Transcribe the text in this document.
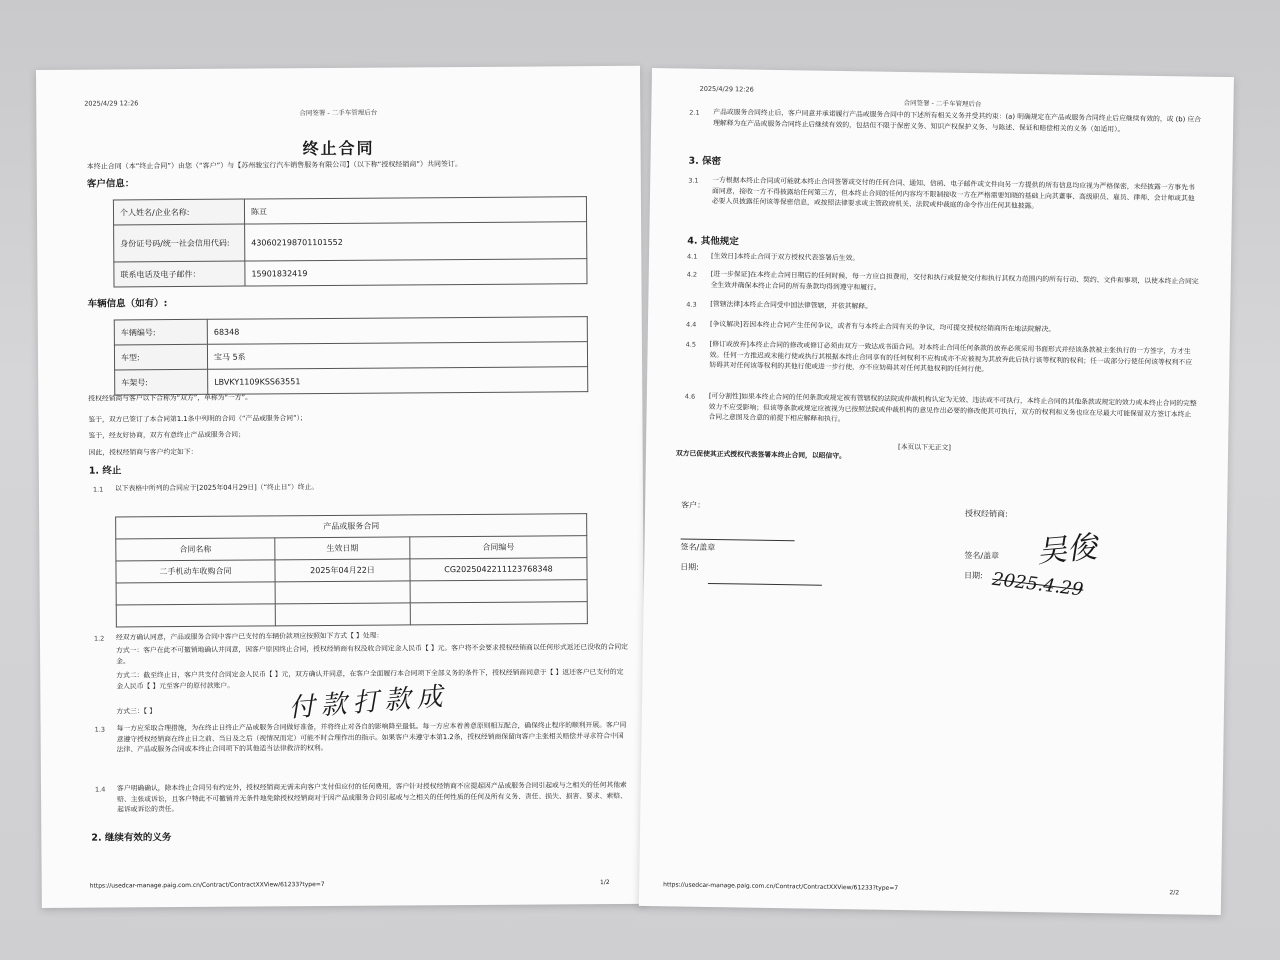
2025/4/29 12:26
合同签署 - 二手车管理后台
终止合同
本终止合同（本“终止合同”）由您（“客户”）与【苏州骏宝行汽车销售服务有限公司】（以下称“授权经销商”）共同签订。
客户信息：
个人姓名/企业名称:	陈亘
身份证号码/统一社会信用代码:	430602198701101552
联系电话及电子邮件：	15901832419
车辆信息（如有）:
车辆编号:	68348
车型:	宝马 5系
车架号:	LBVKY1109KSS63551
授权经销商与客户以下合称为“双方”，单称为“一方”。
鉴于，双方已签订了本合同第1.1条中列明的合同（“产品或服务合同”）；
鉴于，经友好协商，双方有意终止产品或服务合同；
因此，授权经销商与客户约定如下：
1. 终止
1.1 以下表格中所列的合同应于[2025年04月29日]（“终止日”）终止。
产品或服务合同		
合同名称	生效日期	合同编号
二手机动车收购合同	2025年04月22日	CG2025042211123768348

1.2 经双方确认同意，产品或服务合同中客户已支付的车辆价款项应按照如下方式【 】处理：
方式一：客户在此不可撤销地确认并同意，因客户原因终止合同，授权经销商有权没收合同定金人民币【 】元。客户将不会要求授权经销商以任何形式返还已没收的合同定金。
方式二：截至终止日，客户共支付合同定金人民币【 】元，双方确认并同意，在客户全面履行本合同项下全部义务的条件下，授权经销商同意于【 】返还客户已支付的定金人民币【 】元至客户的原付款账户。
方式三：【 】	付款打款成
1.3 每一方应采取合理措施，为在终止日终止产品或服务合同做好准备，并将终止对各自的影响降至最低。每一方应本着善意原则相互配合，确保终止程序的顺利开展。客户同意遵守授权经销商在终止日之前、当日及之后（视情况而定）可能不时合理作出的指示。如果客户未遵守本第1.2条，授权经销商保留向客户主张相关赔偿并寻求符合中国法律、产品或服务合同或本终止合同项下的其他适当法律救济的权利。
1.4 客户明确确认，除本终止合同另有约定外，授权经销商无需未向客户支付但应付的任何费用，客户针对授权经销商不应提起因产品或服务合同引起或与之相关的任何其他索赔、主张或诉讼，且客户特此不可撤销并无条件地免除授权经销商对于因产品或服务合同引起或与之相关的任何性质的任何及所有义务、责任、损失、损害、要求、索赔、起诉或诉讼的责任。
2. 继续有效的义务
https://usedcar-manage.paig.com.cn/Contract/ContractXXView/61233?type=7	1/2
2025/4/29 12:26
合同签署 - 二手车管理后台
2.1 产品或服务合同终止后，客户同意并承诺履行产品或服务合同中的下述所有相关义务并受其约束：(a) 明确规定在产品或服务合同终止后应继续有效的，或 (b) 应合理解释为在产品或服务合同终止后继续有效的，包括但不限于保密义务、知识产权保护义务、与陈述、保证和赔偿相关的义务（如适用）。
3. 保密
3.1 一方根据本终止合同或可能就本终止合同签署或交付的任何合同、通知、信函、电子邮件或文件向另一方提供的所有信息均应视为严格保密，未经披露一方事先书面同意，接收一方不得披露给任何第三方，但本终止合同的任何内容均不限制接收一方在严格需要知晓的基础上向其董事、高级职员、雇员、律师、会计师或其他必要人员披露任何该等保密信息，或按照法律要求或主管政府机关、法院或仲裁庭的命令作出任何其他披露。
4. 其他规定
4.1 [生效日]本终止合同于双方授权代表签署后生效。
4.2 [进一步保证]在本终止合同日期后的任何时候，每一方应自担费用，交付和执行或促使交付和执行其权力范围内的所有行动、契约、文件和事项，以使本终止合同完全生效并确保本终止合同的所有条款均得到遵守和履行。
4.3 [管辖法律]本终止合同受中国法律管辖，并依其解释。
4.4 [争议解决]若因本终止合同产生任何争议，或者有与本终止合同有关的争议，均可提交授权经销商所在地法院解决。
4.5 [修订或放弃]本终止合同的修改或修订必须由双方一致达成书面合同。对本终止合同任何条款的放弃必须采用书面形式并经该条款被主张执行的一方签字，方才生效。任何一方推迟或未能行使或执行其根据本终止合同享有的任何权利不应构成亦不应被视为其放弃此后执行该等权利的权利；任一或部分行使任何该等权利不应妨碍其对任何该等权利的其他行使或进一步行使，亦不应妨碍其对任何其他权利的任何行使。
4.6 [可分割性]如果本终止合同的任何条款或规定被有管辖权的法院或仲裁机构认定为无效、违法或不可执行，本终止合同的其他条款或规定的效力或本终止合同的完整效力不应受影响；但该等条款或规定应被视为已按照法院或仲裁机构的意见作出必要的修改使其可执行，双方的权利和义务也应在尽最大可能保留双方签订本终止合同之意图及合意的前提下相应解释和执行。
[本页以下无正文]
双方已促使其正式授权代表签署本终止合同，以昭信守。
客户：
签名/盖章
日期:
授权经销商:
签名/盖章
日期:
吴俊
2025.4.29
https://usedcar-manage.paig.com.cn/Contract/ContractXXView/61233?type=7
2/2
